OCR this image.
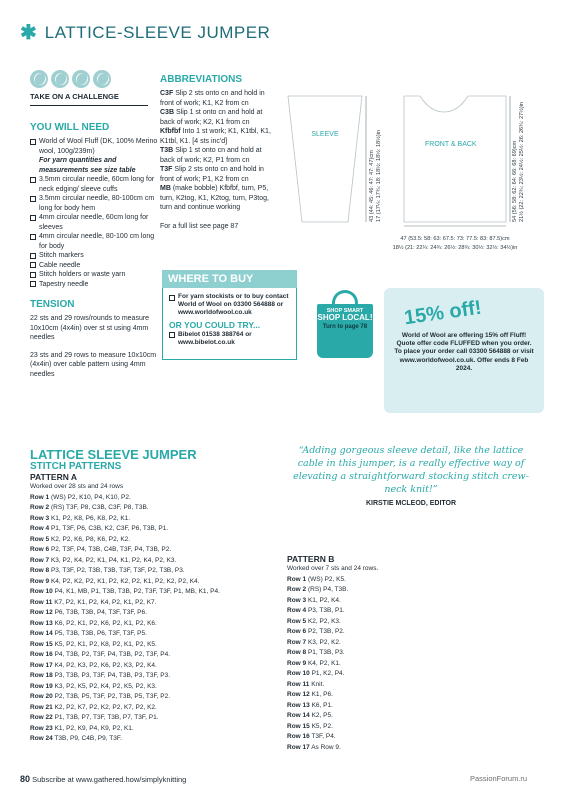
✱ LATTICE-SLEEVE JUMPER
TAKE ON A CHALLENGE
YOU WILL NEED
World of Wool Fluff (DK, 100% Merino wool, 100g/239m)
For yarn quantities and measurements see size table
3.5mm circular needle, 60cm long for neck edging/ sleeve cuffs
3.5mm circular needle, 80-100cm cm long for body hem
4mm circular needle, 60cm long for sleeves
4mm circular needle, 80-100 cm long for body
Stitch markers
Cable needle
Stitch holders or waste yarn
Tapestry needle
TENSION

22 sts and 29 rows/rounds to measure 10x10cm (4x4in) over st st using 4mm needles

23 sts and 29 rows to measure 10x10cm (4x4in) over cable pattern using 4mm needles

ABBREVIATIONS
C3F Slip 2 sts onto cn and hold in front of work; K1, K2 from cn
C3B Slip 1 st onto cn and hold at back of work; K2, K1 from cn
Kfbfbf Into 1 st work; K1, K1tbl, K1, K1tbl, K1. [4 sts inc'd]
T3B Slip 1 st onto cn and hold at back of work; K2, P1 from cn
T3F Slip 2 sts onto cn and hold in front of work; P1, K2 from cn
MB (make bobble) Kfbfbf, turn, P5, turn, K2tog, K1, K2tog, turn, P3tog, turn and continue working
For a full list see page 87
SLEEVE
43 (44: 45: 46: 47: 47: 47)cm 17 (17¼: 17¾: 18: 18½: 18½: 18½)in	FRONT & BACK	54 (56: 58: 62: 64: 66: 68: 69)cm 21½ (22: 22¾: 23½: 24½: 25½: 26: 26¾: 27½)in
47 (53.5: 58: 63: 67.5: 73: 77.5: 83: 87.5)cm
18½ (21: 22¼: 24¾: 26½: 28¾: 30½: 32½: 34½)in
WHERE TO BUY
For yarn stockists or to buy contact World of Wool on 03300 564888 or www.worldofwool.co.uk
OR YOU COULD TRY...
Bibelot 01538 388764 or www.bibelot.co.uk
SHOP SMART
SHOP LOCAL!
Turn to page 78 15% off!
World of Wool are offering 15% off Fluff! Quote offer code FLUFFED when you order. To place your order call 03300 564888 or visit www.worldofwool.co.uk. Offer ends 8 Feb 2024.
LATTICE SLEEVE JUMPER
STITCH PATTERNS
PATTERN A
Worked over 28 sts and 24 rows
Row 1 (WS) P2, K10, P4, K10, P2.
Row 2 (RS) T3F, P8, C3B, C3F, P8, T3B.
Row 3 K1, P2, K8, P6, K8, P2, K1.
Row 4 P1, T3F, P6, C3B, K2, C3F, P6, T3B, P1.
Row 5 K2, P2, K6, P8, K6, P2, K2.
Row 6 P2, T3F, P4, T3B, C4B, T3F, P4, T3B, P2.
Row 7 K3, P2, K4, P2, K1, P4, K1, P2, K4, P2, K3.
Row 8 P3, T3F, P2, T3B, T3B, T3F, T3F, P2, T3B, P3.
Row 9 K4, P2, K2, P2, K1, P2, K2, P2, K1, P2, K2, P2, K4.
Row 10 P4, K1, MB, P1, T3B, T3B, P2, T3F, T3F, P1, MB, K1, P4.
Row 11 K7, P2, K1, P2, K4, P2, K1, P2, K7.
Row 12 P6, T3B, T3B, P4, T3F, T3F, P6.
Row 13 K6, P2, K1, P2, K6, P2, K1, P2, K6.
Row 14 P5, T3B, T3B, P6, T3F, T3F, P5.
Row 15 K5, P2, K1, P2, K8, P2, K1, P2, K5.
Row 16 P4, T3B, P2, T3F, P4, T3B, P2, T3F, P4.
Row 17 K4, P2, K3, P2, K6, P2, K3, P2, K4.
Row 18 P3, T3B, P3, T3F, P4, T3B, P3, T3F, P3.
Row 19 K3, P2, K5, P2, K4, P2, K5, P2, K3.
Row 20 P2, T3B, P5, T3F, P2, T3B, P5, T3F, P2.
Row 21 K2, P2, K7, P2, K2, P2, K7, P2, K2.
Row 22 P1, T3B, P7, T3F, T3B, P7, T3F, P1.
Row 23 K1, P2, K9, P4, K9, P2, K1.
Row 24 T3B, P9, C4B, P9, T3F.
“Adding gorgeous sleeve detail, like the lattice cable in this jumper, is a really effective way of elevating a straightforward stocking stitch crew-neck knit!”
KIRSTIE MCLEOD, EDITOR
PATTERN B
Worked over 7 sts and 24 rows.
Row 1 (WS) P2, K5.
Row 2 (RS) P4, T3B.
Row 3 K1, P2, K4.
Row 4 P3, T3B, P1.
Row 5 K2, P2, K3.
Row 6 P2, T3B, P2.
Row 7 K3, P2, K2.
Row 8 P1, T3B, P3.
Row 9 K4, P2, K1.
Row 10 P1, K2, P4.
Row 11 Knit.
Row 12 K1, P6.
Row 13 K6, P1.
Row 14 K2, P5.
Row 15 K5, P2.
Row 16 T3F, P4.
Row 17 As Row 9.
80 Subscribe at www.gathered.how/simplyknitting	PassionForum.ru
